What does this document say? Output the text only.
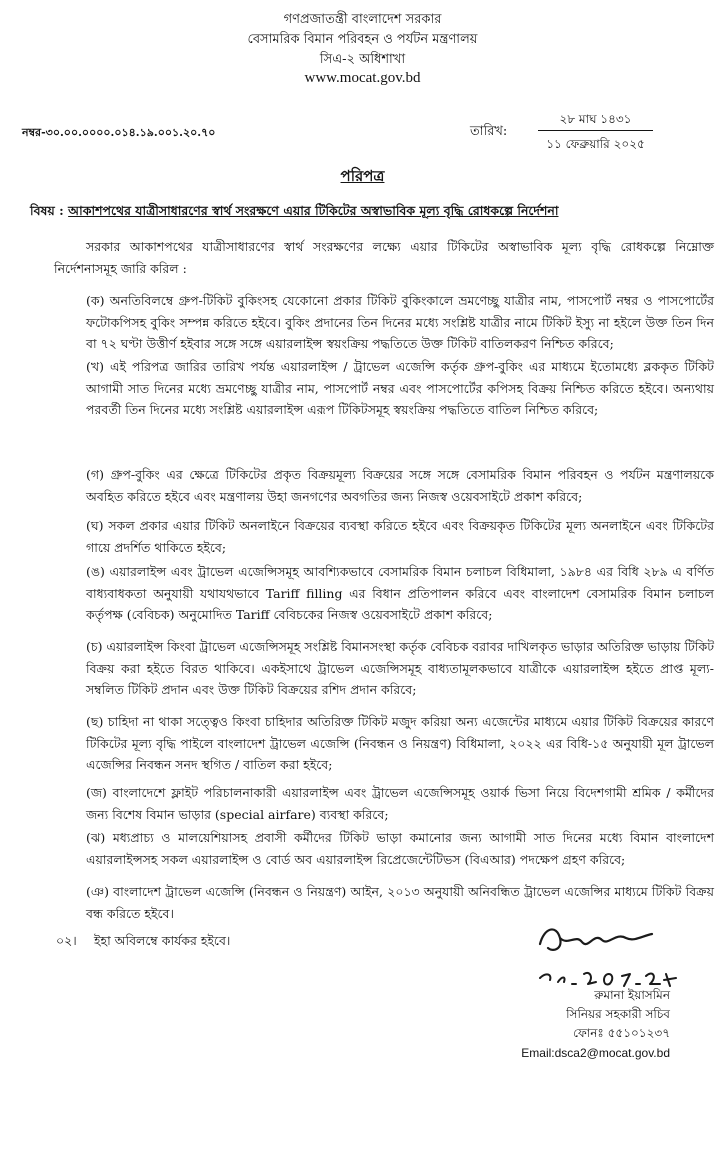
গণপ্রজাতন্ত্রী বাংলাদেশ সরকার
বেসামরিক বিমান পরিবহন ও পর্যটন মন্ত্রণালয়
সিএ-২ অধিশাখা
www.mocat.gov.bd
নম্বর-৩০.০০.০০০০.০১৪.১৯.০০১.২০.৭০	তারিখ:
২৮ মাঘ ১৪৩১
১১ ফেব্রুয়ারি ২০২৫
পরিপত্র
বিষয় : আকাশপথের যাত্রীসাধারণের স্বার্থ সংরক্ষণে এয়ার টিকিটের অস্বাভাবিক মূল্য বৃদ্ধি রোধকল্পে নির্দেশনা
সরকার আকাশপথের যাত্রীসাধারণের স্বার্থ সংরক্ষণের লক্ষ্যে এয়ার টিকিটের অস্বাভাবিক মূল্য বৃদ্ধি রোধকল্পে নিম্নোক্ত নির্দেশনাসমূহ জারি করিল :
(ক) অনতিবিলম্বে গ্রুপ-টিকিট বুকিংসহ যেকোনো প্রকার টিকিট বুকিংকালে ভ্রমণেচ্ছু যাত্রীর নাম, পাসপোর্ট নম্বর ও পাসপোর্টের ফটোকপিসহ বুকিং সম্পন্ন করিতে হইবে। বুকিং প্রদানের তিন দিনের মধ্যে সংশ্লিষ্ট যাত্রীর নামে টিকিট ইস্যু না হইলে উক্ত তিন দিন বা ৭২ ঘণ্টা উত্তীর্ণ হইবার সঙ্গে সঙ্গে এয়ারলাইন্স স্বয়ংক্রিয় পদ্ধতিতে উক্ত টিকিট বাতিলকরণ নিশ্চিত করিবে;
(খ) এই পরিপত্র জারির তারিখ পর্যন্ত এয়ারলাইন্স / ট্রাভেল এজেন্সি কর্তৃক গ্রুপ-বুকিং এর মাধ্যমে ইতোমধ্যে ব্লককৃত টিকিট আগামী সাত দিনের মধ্যে ভ্রমণেচ্ছু যাত্রীর নাম, পাসপোর্ট নম্বর এবং পাসপোর্টের কপিসহ বিক্রয় নিশ্চিত করিতে হইবে। অন্যথায় পরবর্তী তিন দিনের মধ্যে সংশ্লিষ্ট এয়ারলাইন্স এরূপ টিকিটসমূহ স্বয়ংক্রিয় পদ্ধতিতে বাতিল নিশ্চিত করিবে;
(গ) গ্রুপ-বুকিং এর ক্ষেত্রে টিকিটের প্রকৃত বিক্রয়মূল্য বিক্রয়ের সঙ্গে সঙ্গে বেসামরিক বিমান পরিবহন ও পর্যটন মন্ত্রণালয়কে অবহিত করিতে হইবে এবং মন্ত্রণালয় উহা জনগণের অবগতির জন্য নিজস্ব ওয়েবসাইটে প্রকাশ করিবে;
(ঘ) সকল প্রকার এয়ার টিকিট অনলাইনে বিক্রয়ের ব্যবস্থা করিতে হইবে এবং বিক্রয়কৃত টিকিটের মূল্য অনলাইনে এবং টিকিটের গায়ে প্রদর্শিত থাকিতে হইবে;
(ঙ) এয়ারলাইন্স এবং ট্রাভেল এজেন্সিসমূহ আবশ্যিকভাবে বেসামরিক বিমান চলাচল বিধিমালা, ১৯৮৪ এর বিধি ২৮৯ এ বর্ণিত বাধ্যবাধকতা অনুযায়ী যথাযথভাবে Tariff filling এর বিধান প্রতিপালন করিবে এবং বাংলাদেশ বেসামরিক বিমান চলাচল কর্তৃপক্ষ (বেবিচক) অনুমোদিত Tariff বেবিচকের নিজস্ব ওয়েবসাইটে প্রকাশ করিবে;
(চ) এয়ারলাইন্স কিংবা ট্রাভেল এজেন্সিসমূহ সংশ্লিষ্ট বিমানসংস্থা কর্তৃক বেবিচক বরাবর দাখিলকৃত ভাড়ার অতিরিক্ত ভাড়ায় টিকিট বিক্রয় করা হইতে বিরত থাকিবে। একইসাথে ট্রাভেল এজেন্সিসমূহ বাধ্যতামূলকভাবে যাত্রীকে এয়ারলাইন্স হইতে প্রাপ্ত মূল্য-সম্বলিত টিকিট প্রদান এবং উক্ত টিকিট বিক্রয়ের রশিদ প্রদান করিবে;
(ছ) চাহিদা না থাকা সত্ত্বেও কিংবা চাহিদার অতিরিক্ত টিকিট মজুদ করিয়া অন্য এজেন্টের মাধ্যমে এয়ার টিকিট বিক্রয়ের কারণে টিকিটের মূল্য বৃদ্ধি পাইলে বাংলাদেশ ট্রাভেল এজেন্সি (নিবন্ধন ও নিয়ন্ত্রণ) বিধিমালা, ২০২২ এর বিধি-১৫ অনুযায়ী মূল ট্রাভেল এজেন্সির নিবন্ধন সনদ স্থগিত / বাতিল করা হইবে;
(জ) বাংলাদেশে ফ্লাইট পরিচালনাকারী এয়ারলাইন্স এবং ট্রাভেল এজেন্সিসমূহ ওয়ার্ক ভিসা নিয়ে বিদেশগামী শ্রমিক / কর্মীদের জন্য বিশেষ বিমান ভাড়ার (special airfare) ব্যবস্থা করিবে;
(ঝ) মধ্যপ্রাচ্য ও মালয়েশিয়াসহ প্রবাসী কর্মীদের টিকিট ভাড়া কমানোর জন্য আগামী সাত দিনের মধ্যে বিমান বাংলাদেশ এয়ারলাইন্সসহ সকল এয়ারলাইন্স ও বোর্ড অব এয়ারলাইন্স রিপ্রেজেন্টেটিভস (বিএআর) পদক্ষেপ গ্রহণ করিবে;
(ঞ) বাংলাদেশ ট্রাভেল এজেন্সি (নিবন্ধন ও নিয়ন্ত্রণ) আইন, ২০১৩ অনুযায়ী অনিবন্ধিত ট্রাভেল এজেন্সির মাধ্যমে টিকিট বিক্রয় বন্ধ করিতে হইবে।
০২। ইহা অবিলম্বে কার্যকর হইবে।
রুমানা ইয়াসমিন
সিনিয়র সহকারী সচিব
ফোনঃ ৫৫১০১২৩৭
Email:dsca2@mocat.gov.bd
